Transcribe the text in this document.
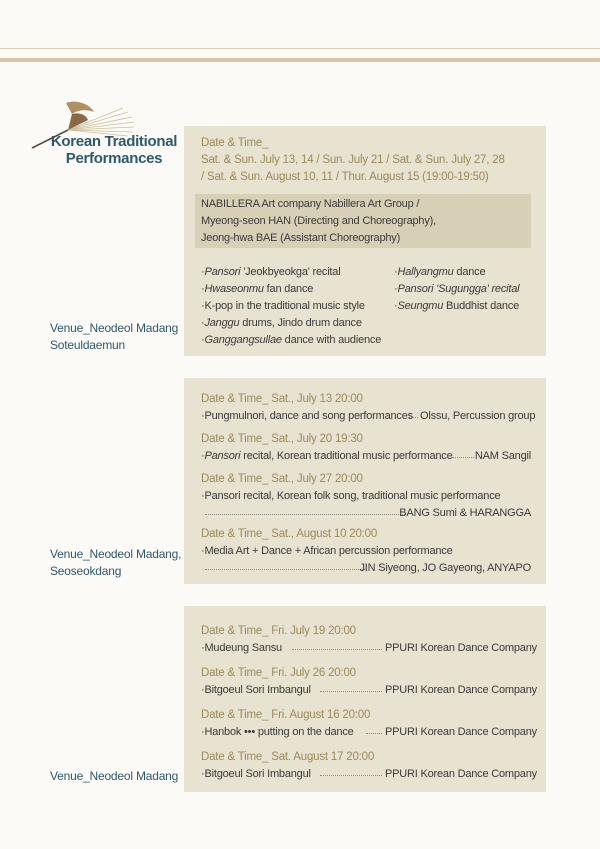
Korean Traditional
Performances
Date & Time_
Sat. & Sun. July 13, 14 / Sun. July 21 / Sat. & Sun. July 27, 28
/ Sat. & Sun. August 10, 11 / Thur. August 15 (19:00-19:50)
NABILLERA Art company Nabillera Art Group /
Myeong-seon HAN (Directing and Choreography),
Jeong-hwa BAE (Assistant Choreography)
·Pansori 'Jeokbyeokga' recital
·Hwaseonmu fan dance
·K-pop in the traditional music style
·Janggu drums, Jindo drum dance
·Ganggangsullae dance with audience
·Hallyangmu dance
·Pansori 'Sugungga' recital
·Seungmu Buddhist dance
Venue_Neodeol Madang
Soteuldaemun
Date & Time_ Sat., July 13 20:00
·Pungmulnori, dance and song performances Olssu, Percussion group
Date & Time_ Sat., July 20 19:30
·Pansori recital, Korean traditional music performance	NAM Sangil
Date & Time_ Sat., July 27 20:00
·Pansori recital, Korean folk song, traditional music performance
BANG Sumi & HARANGGA
Date & Time_ Sat., August 10 20:00
·Media Art + Dance + African percussion performance
JIN Siyeong, JO Gayeong, ANYAPO
Venue_Neodeol Madang,
Seoseokdang
Date & Time_ Fri. July 19 20:00
·Mudeung Sansu	PPURI Korean Dance Company
Date & Time_ Fri. July 26 20:00
·Bitgoeul Sori Imbangul	PPURI Korean Dance Company
Date & Time_ Fri. August 16 20:00
·Hanbok ••• putting on the dance	PPURI Korean Dance Company
Date & Time_ Sat. August 17 20:00
·Bitgoeul Sori Imbangul	PPURI Korean Dance Company
Venue_Neodeol Madang
